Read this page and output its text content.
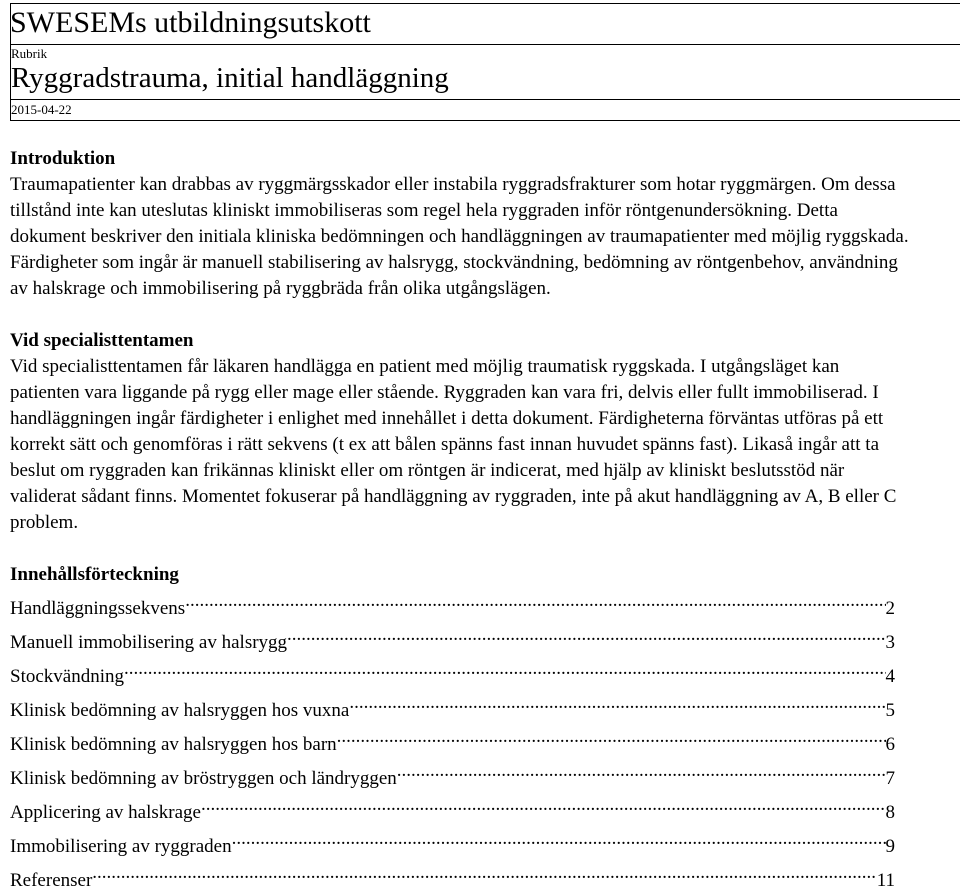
SWESEMs utbildningsutskott
Rubrik
Ryggradstrauma, initial handläggning
2015-04-22
Introduktion

Traumapatienter kan drabbas av ryggmärgsskador eller instabila ryggradsfrakturer som hotar ryggmärgen. Om dessa tillstånd inte kan uteslutas kliniskt immobiliseras som regel hela ryggraden inför röntgenundersökning. Detta dokument beskriver den initiala kliniska bedömningen och handläggningen av traumapatienter med möjlig ryggskada. Färdigheter som ingår är manuell stabilisering av halsrygg, stockvändning, bedömning av röntgenbehov, användning av halskrage och immobilisering på ryggbräda från olika utgångslägen.

Vid specialisttentamen

Vid specialisttentamen får läkaren handlägga en patient med möjlig traumatisk ryggskada. I utgångsläget kan patienten vara liggande på rygg eller mage eller stående. Ryggraden kan vara fri, delvis eller fullt immobiliserad. I handläggningen ingår färdigheter i enlighet med innehållet i detta dokument. Färdigheterna förväntas utföras på ett korrekt sätt och genomföras i rätt sekvens (t ex att bålen spänns fast innan huvudet spänns fast). Likaså ingår att ta beslut om ryggraden kan frikännas kliniskt eller om röntgen är indicerat, med hjälp av kliniskt beslutsstöd när validerat sådant finns. Momentet fokuserar på handläggning av ryggraden, inte på akut handläggning av A, B eller C problem.

Innehållsförteckning
Handläggningssekvens .....	2
Manuell immobilisering av halsrygg .....	3
Stockvändning .....	4
Klinisk bedömning av halsryggen hos vuxna .....	5
Klinisk bedömning av halsryggen hos barn .....	6
Klinisk bedömning av bröstryggen och ländryggen .....	7
Applicering av halskrage .....	8
Immobilisering av ryggraden .....	9
Referenser .....	11
